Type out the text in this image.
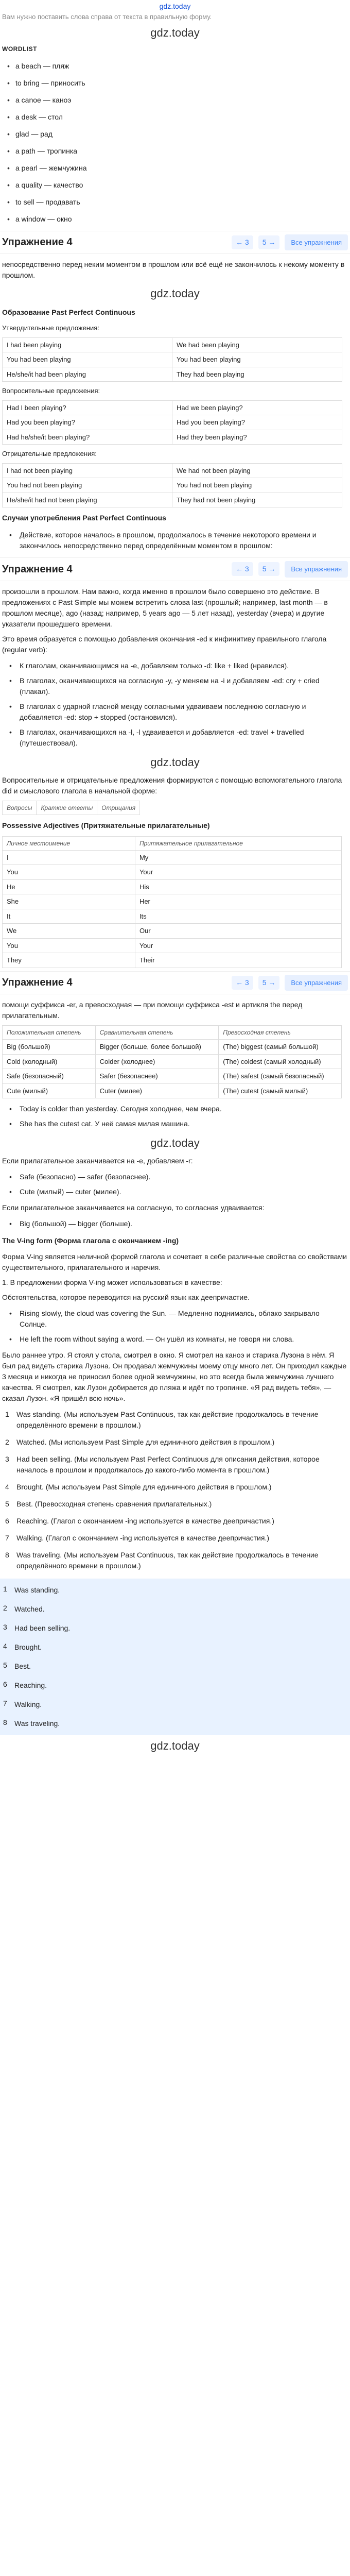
gdz.today
Вам нужно поставить слова справа от текста в правильную форму.
gdz.today
WORDLIST
• a beach — пляж
• to bring — приносить
• a canoe — каноэ
• a desk — стол
• glad — рад
• a path — тропинка
• a pearl — жемчужина
• a quality — качество
• to sell — продавать
• a window — окно
Упражнение 4	← 3	5 →	Все упражнения

непосредственно перед неким моментом в прошлом или всё ещё не закончилось к некому моменту в прошлом.

gdz.today
Образование Past Perfect Continuous

Утвердительные предложения:

I had been playing	We had been playing
You had been playing	You had been playing
He/she/it had been playing	They had been playing

Вопросительные предложения:

Had I been playing?	Had we been playing?
Had you been playing?	Had you been playing?
Had he/she/it been playing?	Had they been playing?

Отрицательные предложения:

I had not been playing	We had not been playing
You had not been playing	You had not been playing
He/she/it had not been playing	They had not been playing
Случаи употребления Past Perfect Continuous
• Действие, которое началось в прошлом, продолжалось в течение некоторого времени и закончилось непосредственно перед определённым моментом в прошлом:
Упражнение 4	← 3	5 →	Все упражнения

произошли в прошлом. Нам важно, когда именно в прошлом было совершено это действие. В предложениях с Past Simple мы можем встретить слова last (прошлый; например, last month — в прошлом месяце), ago (назад; например, 5 years ago — 5 лет назад), yesterday (вчера) и другие указатели прошедшего времени.

Это время образуется с помощью добавления окончания -ed к инфинитиву правильного глагола (regular verb):

• К глаголам, оканчивающимся на -e, добавляем только -d: like + liked (нравился).
• В глаголах, оканчивающихся на согласную -y, -y меняем на -i и добавляем -ed: cry + cried (плакал).
• В глаголах с ударной гласной между согласными удваиваем последнюю согласную и добавляется -ed: stop + stopped (остановился).
• В глаголах, оканчивающихся на -l, -l удваивается и добавляется -ed: travel + travelled (путешествовал).
gdz.today

Вопросительные и отрицательные предложения формируются с помощью вспомогательного глагола did и смыслового глагола в начальной форме:

Вопросы	Краткие ответы	Отрицания
Possessive Adjectives (Притяжательные прилагательные)
Личное местоимение	Притяжательное прилагательное
I	My
You	Your
He	His
She	Her
It	Its
We	Our
You	Your
They	Their
Упражнение 4	← 3	5 →	Все упражнения

помощи суффикса -er, а превосходная — при помощи суффикса -est и артикля the перед прилагательным.

Положительная степень	Сравнительная степень	Превосходная степень
Big (большой)	Bigger (больше, более большой)	(The) biggest (самый большой)
Cold (холодный)	Colder (холоднее)	(The) coldest (самый холодный)
Safe (безопасный)	Safer (безопаснее)	(The) safest (самый безопасный)
Cute (милый)	Cuter (милее)	(The) cutest (самый милый)
• Today is colder than yesterday. Сегодня холоднее, чем вчера.
• She has the cutest cat. У неё самая милая машина.
gdz.today

Если прилагательное заканчивается на -e, добавляем -r:

• Safe (безопасно) — safer (безопаснее).
• Cute (милый) — cuter (милее).

Если прилагательное заканчивается на согласную, то согласная удваивается:

• Big (большой) — bigger (больше).
The V-ing form (Форма глагола с окончанием -ing)

Форма V-ing является неличной формой глагола и сочетает в себе различные свойства со свойствами существительного, прилагательного и наречия.

1. В предложении форма V-ing может использоваться в качестве:

Обстоятельства, которое переводится на русский язык как деепричастие.

• Rising slowly, the cloud was covering the Sun. — Медленно поднимаясь, облако закрывало Солнце.
• He left the room without saying a word. — Он ушёл из комнаты, не говоря ни слова.

Было раннее утро. Я стоял у стола, смотрел в окно. Я смотрел на каноэ и старика Лузона в нём. Я был рад видеть старика Лузона. Он продавал жемчужины моему отцу много лет. Он приходил каждые 3 месяца и никогда не приносил более одной жемчужины, но это всегда была жемчужина лучшего качества. Я смотрел, как Лузон добирается до пляжа и идёт по тропинке. «Я рад видеть тебя», — сказал Лузон. «Я пришёл всю ночь».

1 Was standing. (Мы используем Past Continuous, так как действие продолжалось в течение определённого времени в прошлом.)
2 Watched. (Мы используем Past Simple для единичного действия в прошлом.)
3 Had been selling. (Мы используем Past Perfect Continuous для описания действия, которое началось в прошлом и продолжалось до какого-либо момента в прошлом.)
4 Brought. (Мы используем Past Simple для единичного действия в прошлом.)
5 Best. (Превосходная степень сравнения прилагательных.)
6 Reaching. (Глагол с окончанием -ing используется в качестве деепричастия.)
7 Walking. (Глагол с окончанием -ing используется в качестве деепричастия.)
8 Was traveling. (Мы используем Past Continuous, так как действие продолжалось в течение определённого времени в прошлом.)
1 Was standing.
2 Watched.
3 Had been selling.
4 Brought.
5 Best.
6 Reaching.
7 Walking.
8 Was traveling.
gdz.today
